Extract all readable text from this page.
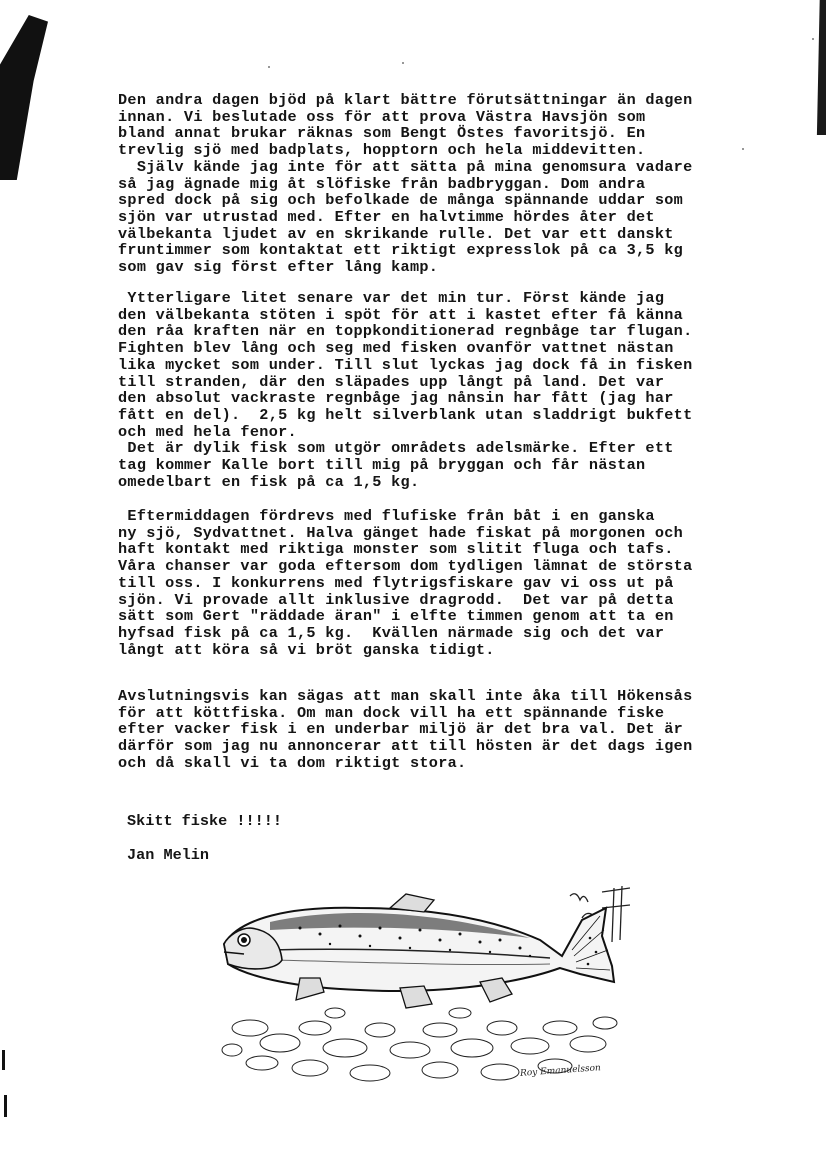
Den andra dagen bjöd på klart bättre förutsättningar än dagen
innan. Vi beslutade oss för att prova Västra Havsjön som
bland annat brukar räknas som Bengt Östes favoritsjö. En
trevlig sjö med badplats, hopptorn och hela middevitten.
Själv kände jag inte för att sätta på mina genomsura vadare
så jag ägnade mig åt slöfiske från badbryggan. Dom andra
spred dock på sig och befolkade de många spännande uddar som
sjön var utrustad med. Efter en halvtimme hördes åter det
välbekanta ljudet av en skrikande rulle. Det var ett danskt
fruntimmer som kontaktat ett riktigt expresslok på ca 3,5 kg
som gav sig först efter lång kamp.
Ytterligare litet senare var det min tur. Först kände jag
den välbekanta stöten i spöt för att i kastet efter få känna
den råa kraften när en toppkonditionerad regnbåge tar flugan.
Fighten blev lång och seg med fisken ovanför vattnet nästan
lika mycket som under. Till slut lyckas jag dock få in fisken
till stranden, där den släpades upp långt på land. Det var
den absolut vackraste regnbåge jag nånsin har fått (jag har
fått en del).  2,5 kg helt silverblank utan sladdrigt bukfett
och med hela fenor.
Det är dylik fisk som utgör områdets adelsmärke. Efter ett
tag kommer Kalle bort till mig på bryggan och får nästan
omedelbart en fisk på ca 1,5 kg.
Eftermiddagen fördrevs med flufiske från båt i en ganska
ny sjö, Sydvattnet. Halva gänget hade fiskat på morgonen och
haft kontakt med riktiga monster som slitit fluga och tafs.
Våra chanser var goda eftersom dom tydligen lämnat de största
till oss. I konkurrens med flytrigsfiskare gav vi oss ut på
sjön. Vi provade allt inklusive dragrodd.  Det var på detta
sätt som Gert "räddade äran" i elfte timmen genom att ta en
hyfsad fisk på ca 1,5 kg.  Kvällen närmade sig och det var
långt att köra så vi bröt ganska tidigt.
Avslutningsvis kan sägas att man skall inte åka till Hökensås
för att köttfiska. Om man dock vill ha ett spännande fiske
efter vacker fisk i en underbar miljö är det bra val. Det är
därför som jag nu annoncerar att till hösten är det dags igen
och då skall vi ta dom riktigt stora.
Skitt fiske !!!!!
Jan Melin
Roy Emanuelsson
